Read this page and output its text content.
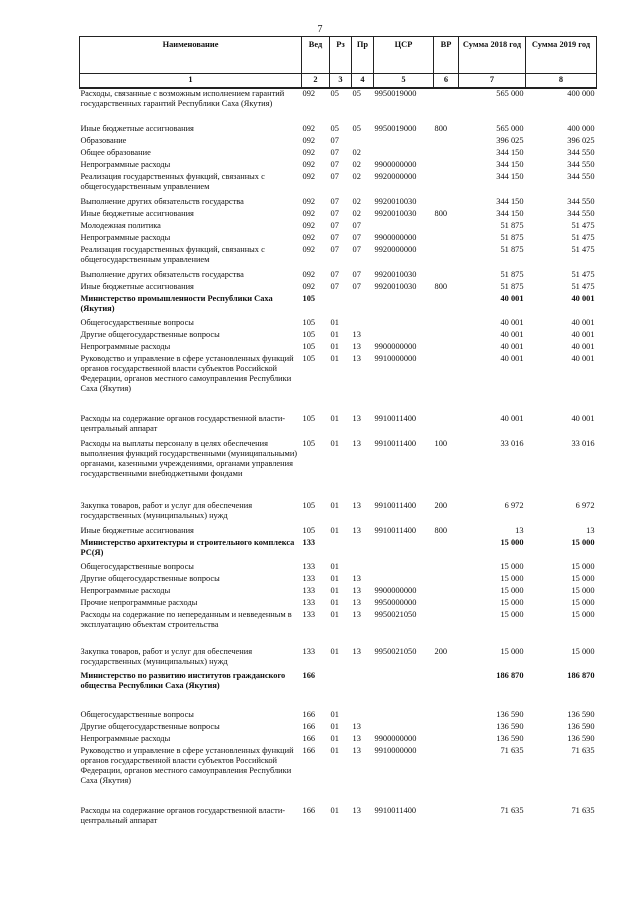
7
Наименование	Вед	Рз	Пр	ЦСР	ВР	Сумма 2018 год	Сумма 2019 год
1	2	3	4	5	6	7	8
Расходы, связанные с возможным исполнением гарантий государственных гарантий Республики Саха (Якутия)	092	05	05	9950019000		565 000	400 000
Иные бюджетные ассигнования	092	05	05	9950019000	800	565 000	400 000
Образование	092	07				396 025	396 025
Общее образование	092	07	02			344 150	344 550
Непрограммные расходы	092	07	02	9900000000		344 150	344 550
Реализация государственных функций, связанных с общегосударственным управлением	092	07	02	9920000000		344 150	344 550
Выполнение других обязательств государства	092	07	02	9920010030		344 150	344 550
Иные бюджетные ассигнования	092	07	02	9920010030	800	344 150	344 550
Молодежная политика	092	07	07			51 875	51 475
Непрограммные расходы	092	07	07	9900000000		51 875	51 475
Реализация государственных функций, связанных с общегосударственным управлением	092	07	07	9920000000		51 875	51 475
Выполнение других обязательств государства	092	07	07	9920010030		51 875	51 475
Иные бюджетные ассигнования	092	07	07	9920010030	800	51 875	51 475
Министерство промышленности Республики Саха (Якутия)	105					40 001	40 001
Общегосударственные вопросы	105	01				40 001	40 001
Другие общегосударственные вопросы	105	01	13			40 001	40 001
Непрограммные расходы	105	01	13	9900000000		40 001	40 001
Руководство и управление в сфере установленных функций органов государственной власти субъектов Российской Федерации, органов местного самоуправления Республики Саха (Якутия)	105	01	13	9910000000		40 001	40 001
Расходы на содержание органов государственной власти- центральный аппарат	105	01	13	9910011400		40 001	40 001
Расходы на выплаты персоналу в целях обеспечения выполнения функций государственными (муниципальными) органами, казенными учреждениями, органами управления государственными внебюджетными фондами	105	01	13	9910011400	100	33 016	33 016
Закупка товаров, работ и услуг для обеспечения государственных (муниципальных) нужд	105	01	13	9910011400	200	6 972	6 972
Иные бюджетные ассигнования	105	01	13	9910011400	800	13	13
Министерство архитектуры и строительного комплекса РС(Я)	133					15 000	15 000
Общегосударственные вопросы	133	01				15 000	15 000
Другие общегосударственные вопросы	133	01	13			15 000	15 000
Непрограммные расходы	133	01	13	9900000000		15 000	15 000
Прочие непрограммные расходы	133	01	13	9950000000		15 000	15 000
Расходы на содержание по непереданным и невведенным в эксплуатацию объектам строительства	133	01	13	9950021050		15 000	15 000
Закупка товаров, работ и услуг для обеспечения государственных (муниципальных) нужд	133	01	13	9950021050	200	15 000	15 000
Министерство по развитию институтов гражданского общества Республики Саха (Якутия)	166					186 870	186 870
Общегосударственные вопросы	166	01				136 590	136 590
Другие общегосударственные вопросы	166	01	13			136 590	136 590
Непрограммные расходы	166	01	13	9900000000		136 590	136 590
Руководство и управление в сфере установленных функций органов государственной власти субъектов Российской Федерации, органов местного самоуправления Республики Саха (Якутия)	166	01	13	9910000000		71 635	71 635
Расходы на содержание органов государственной власти- центральный аппарат	166	01	13	9910011400		71 635	71 635
